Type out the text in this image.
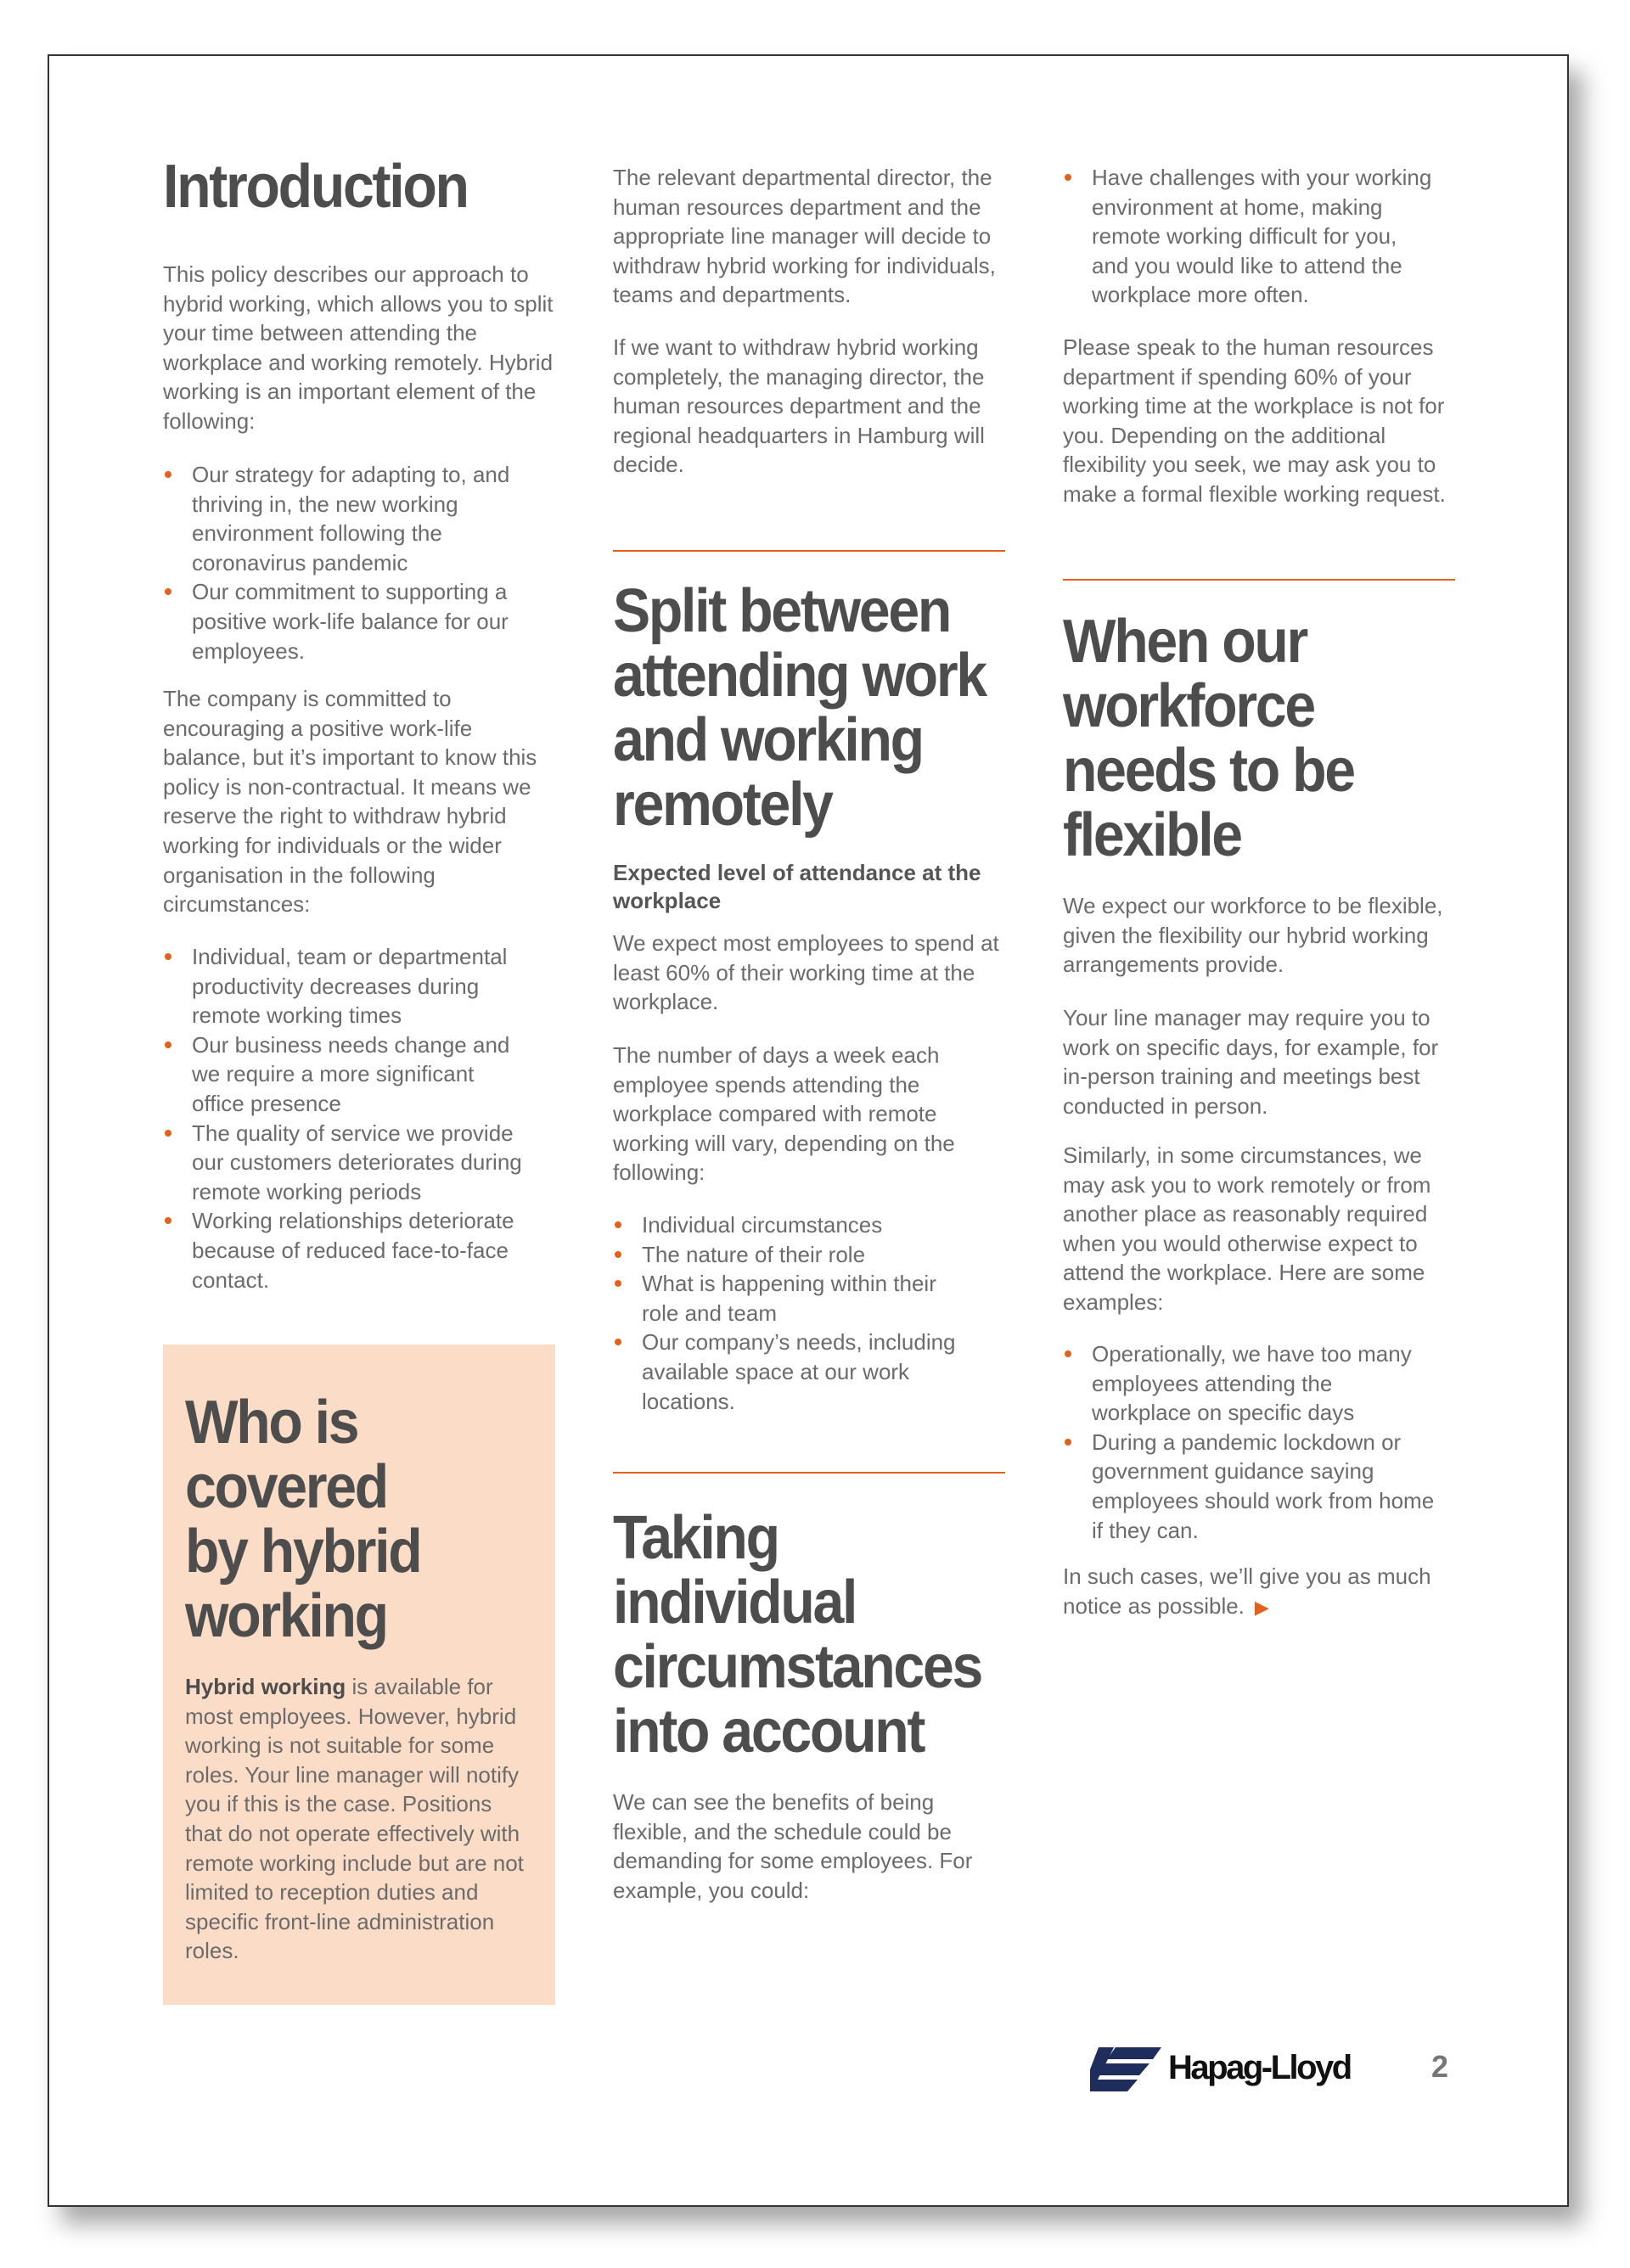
Introduction

This policy describes our approach to hybrid working, which allows you to split your time between attending the workplace and working remotely. Hybrid working is an important element of the following:

Our strategy for adapting to, and thriving in, the new working environment following the coronavirus pandemic
Our commitment to supporting a positive work-life balance for our employees.

The company is committed to encouraging a positive work-life balance, but it’s important to know this policy is non-contractual. It means we reserve the right to withdraw hybrid working for individuals or the wider organisation in the following circumstances:

Individual, team or departmental productivity decreases during remote working times
Our business needs change and we require a more significant office presence
The quality of service we provide our customers deteriorates during remote working periods
Working relationships deteriorate because of reduced face-to-face contact.
Who is covered by hybrid working

Hybrid working is available for most employees. However, hybrid working is not suitable for some roles. Your line manager will notify you if this is the case. Positions that do not operate effectively with remote working include but are not limited to reception duties and specific front-line administration roles.

The relevant departmental director, the human resources department and the appropriate line manager will decide to withdraw hybrid working for individuals, teams and departments.

If we want to withdraw hybrid working completely, the managing director, the human resources department and the regional headquarters in Hamburg will decide.

Split between attending work and working remotely

Expected level of attendance at the workplace

We expect most employees to spend at least 60% of their working time at the workplace.

The number of days a week each employee spends attending the workplace compared with remote working will vary, depending on the following:

Individual circumstances
The nature of their role
What is happening within their role and team
Our company’s needs, including available space at our work locations.
Taking individual circumstances into account

We can see the benefits of being flexible, and the schedule could be demanding for some employees. For example, you could:

Have challenges with your working environment at home, making remote working difficult for you, and you would like to attend the workplace more often.

Please speak to the human resources department if spending 60% of your working time at the workplace is not for you. Depending on the additional flexibility you seek, we may ask you to make a formal flexible working request.

When our workforce needs to be flexible

We expect our workforce to be flexible, given the flexibility our hybrid working arrangements provide.

Your line manager may require you to work on specific days, for example, for in-person training and meetings best conducted in person.

Similarly, in some circumstances, we may ask you to work remotely or from another place as reasonably required when you would otherwise expect to attend the workplace. Here are some examples:

Operationally, we have too many employees attending the workplace on specific days
During a pandemic lockdown or government guidance saying employees should work from home if they can.

In such cases, we’ll give you as much notice as possible. ▶

Hapag-Lloyd	2
